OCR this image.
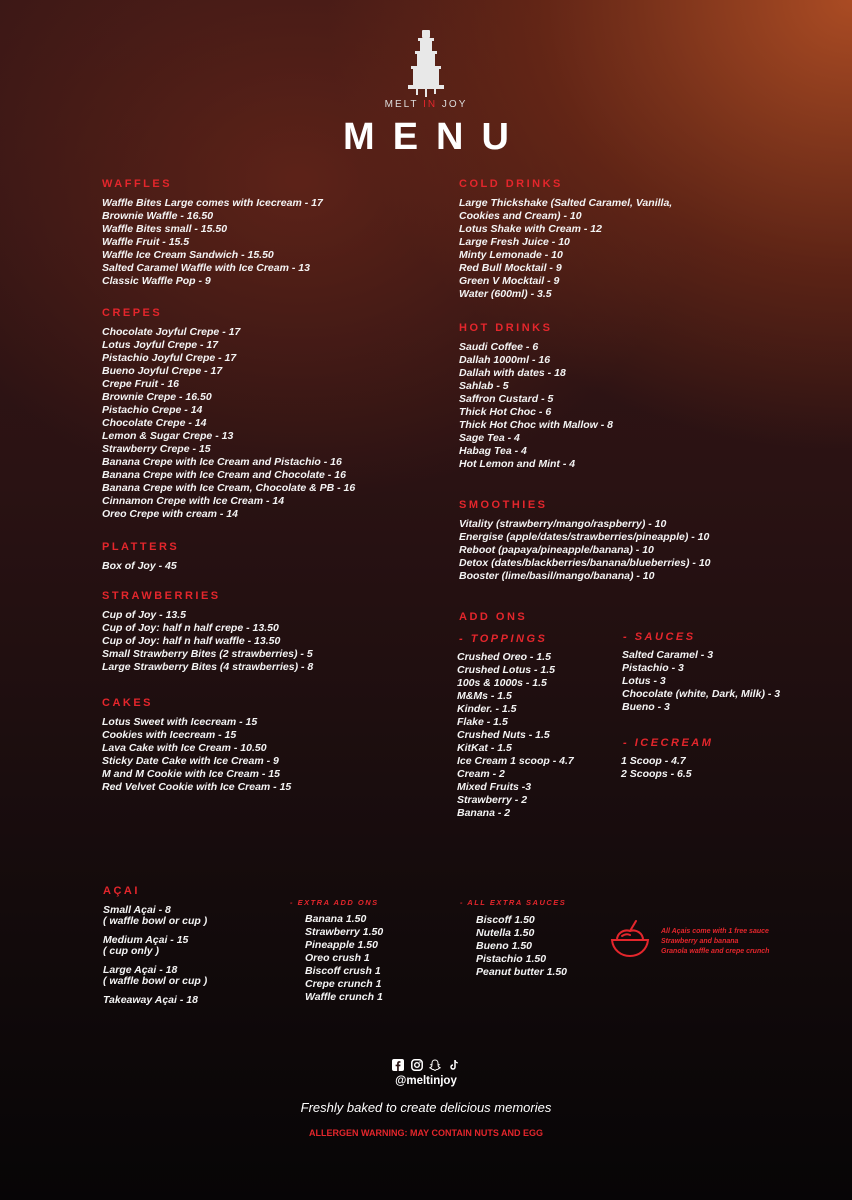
MELT IN JOY
MENU
WAFFLES
Waffle Bites Large comes with Icecream - 17
Brownie Waffle - 16.50
Waffle Bites small - 15.50
Waffle Fruit - 15.5
Waffle Ice Cream Sandwich - 15.50
Salted Caramel Waffle with Ice Cream - 13
Classic Waffle Pop - 9
CREPES
Chocolate Joyful Crepe - 17
Lotus Joyful Crepe - 17
Pistachio Joyful Crepe - 17
Bueno Joyful Crepe - 17
Crepe Fruit - 16
Brownie Crepe - 16.50
Pistachio Crepe - 14
Chocolate Crepe - 14
Lemon & Sugar Crepe - 13
Strawberry Crepe - 15
Banana Crepe with Ice Cream and Pistachio - 16
Banana Crepe with Ice Cream and Chocolate - 16
Banana Crepe with Ice Cream, Chocolate & PB - 16
Cinnamon Crepe with Ice Cream - 14
Oreo Crepe with cream - 14
PLATTERS
Box of Joy - 45
STRAWBERRIES
Cup of Joy - 13.5
Cup of Joy: half n half crepe - 13.50
Cup of Joy: half n half waffle - 13.50
Small Strawberry Bites (2 strawberries) - 5
Large Strawberry Bites (4 strawberries) - 8
CAKES
Lotus Sweet with Icecream - 15
Cookies with Icecream - 15
Lava Cake with Ice Cream - 10.50
Sticky Date Cake with Ice Cream - 9
M and M Cookie with Ice Cream - 15
Red Velvet Cookie with Ice Cream - 15
COLD DRINKS
Large Thickshake (Salted Caramel, Vanilla,
Cookies and Cream) - 10
Lotus Shake with Cream - 12
Large Fresh Juice - 10
Minty Lemonade - 10
Red Bull Mocktail - 9
Green V Mocktail - 9
Water (600ml) - 3.5
HOT DRINKS
Saudi Coffee - 6
Dallah 1000ml - 16
Dallah with dates - 18
Sahlab - 5
Saffron Custard - 5
Thick Hot Choc - 6
Thick Hot Choc with Mallow - 8
Sage Tea - 4
Habag Tea - 4
Hot Lemon and Mint - 4
SMOOTHIES
Vitality (strawberry/mango/raspberry) - 10
Energise (apple/dates/strawberries/pineapple) - 10
Reboot (papaya/pineapple/banana) - 10
Detox (dates/blackberries/banana/blueberries) - 10
Booster (lime/basil/mango/banana) - 10
ADD ONS
- TOPPINGS
Crushed Oreo - 1.5
Crushed Lotus - 1.5
100s & 1000s - 1.5
M&Ms - 1.5
Kinder. - 1.5
Flake - 1.5
Crushed Nuts - 1.5
KitKat - 1.5
Ice Cream 1 scoop - 4.7
Cream - 2
Mixed Fruits -3
Strawberry - 2
Banana - 2
- SAUCES
Salted Caramel - 3
Pistachio - 3
Lotus - 3
Chocolate (white, Dark, Milk) - 3
Bueno - 3
- ICECREAM
1 Scoop - 4.7
2 Scoops - 6.5
AÇAI
Small Açai - 8
( waffle bowl or cup )
Medium Açai - 15
( cup only )
Large Açai - 18
( waffle bowl or cup )
Takeaway Açai - 18
- EXTRA ADD ONS
Banana 1.50
Strawberry 1.50
Pineapple 1.50
Oreo crush 1
Biscoff crush 1
Crepe crunch 1
Waffle crunch 1
- ALL EXTRA SAUCES
Biscoff 1.50
Nutella 1.50
Bueno 1.50
Pistachio 1.50
Peanut butter 1.50
All Açais come with 1 free sauce
Strawberry and banana
Granola waffle and crepe crunch

@meltinjoy
Freshly baked to create delicious memories
ALLERGEN WARNING: MAY CONTAIN NUTS AND EGG
